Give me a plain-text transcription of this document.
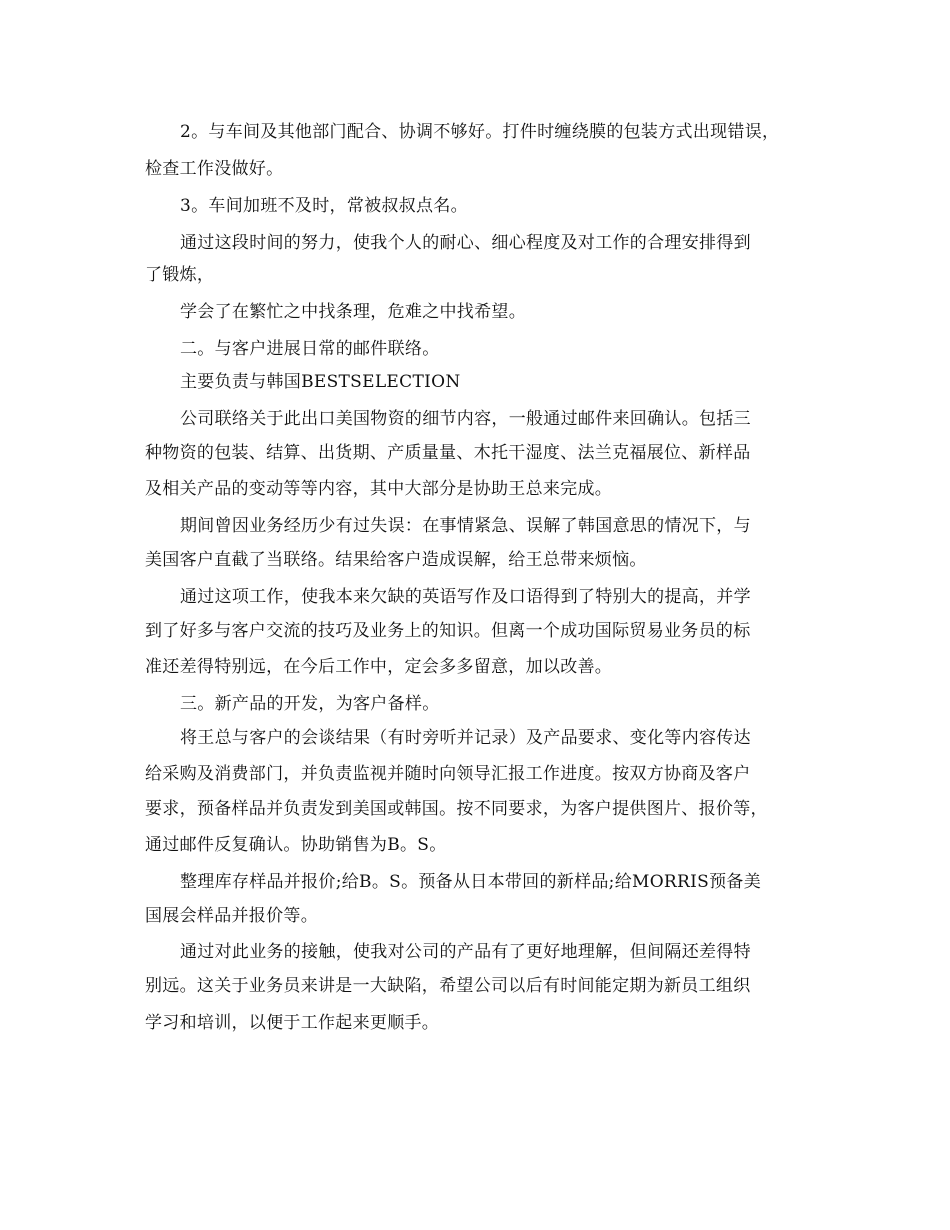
2。与车间及其他部门配合、协调不够好。打件时缠绕膜的包装方式出现错误，
检查工作没做好。
3。车间加班不及时，常被叔叔点名。
通过这段时间的努力，使我个人的耐心、细心程度及对工作的合理安排得到
了锻炼，
学会了在繁忙之中找条理，危难之中找希望。
二。与客户进展日常的邮件联络。
主要负责与韩国BESTSELECTION
公司联络关于此出口美国物资的细节内容，一般通过邮件来回确认。包括三
种物资的包装、结算、出货期、产质量量、木托干湿度、法兰克福展位、新样品
及相关产品的变动等等内容，其中大部分是协助王总来完成。
期间曾因业务经历少有过失误：在事情紧急、误解了韩国意思的情况下，与
美国客户直截了当联络。结果给客户造成误解，给王总带来烦恼。
通过这项工作，使我本来欠缺的英语写作及口语得到了特别大的提高，并学
到了好多与客户交流的技巧及业务上的知识。但离一个成功国际贸易业务员的标
准还差得特别远，在今后工作中，定会多多留意，加以改善。
三。新产品的开发，为客户备样。
将王总与客户的会谈结果（有时旁听并记录）及产品要求、变化等内容传达
给采购及消费部门，并负责监视并随时向领导汇报工作进度。按双方协商及客户
要求，预备样品并负责发到美国或韩国。按不同要求，为客户提供图片、报价等，
通过邮件反复确认。协助销售为B。S。
整理库存样品并报价;给B。S。预备从日本带回的新样品;给MORRIS预备美
国展会样品并报价等。
通过对此业务的接触，使我对公司的产品有了更好地理解，但间隔还差得特
别远。这关于业务员来讲是一大缺陷，希望公司以后有时间能定期为新员工组织
学习和培训，以便于工作起来更顺手。
